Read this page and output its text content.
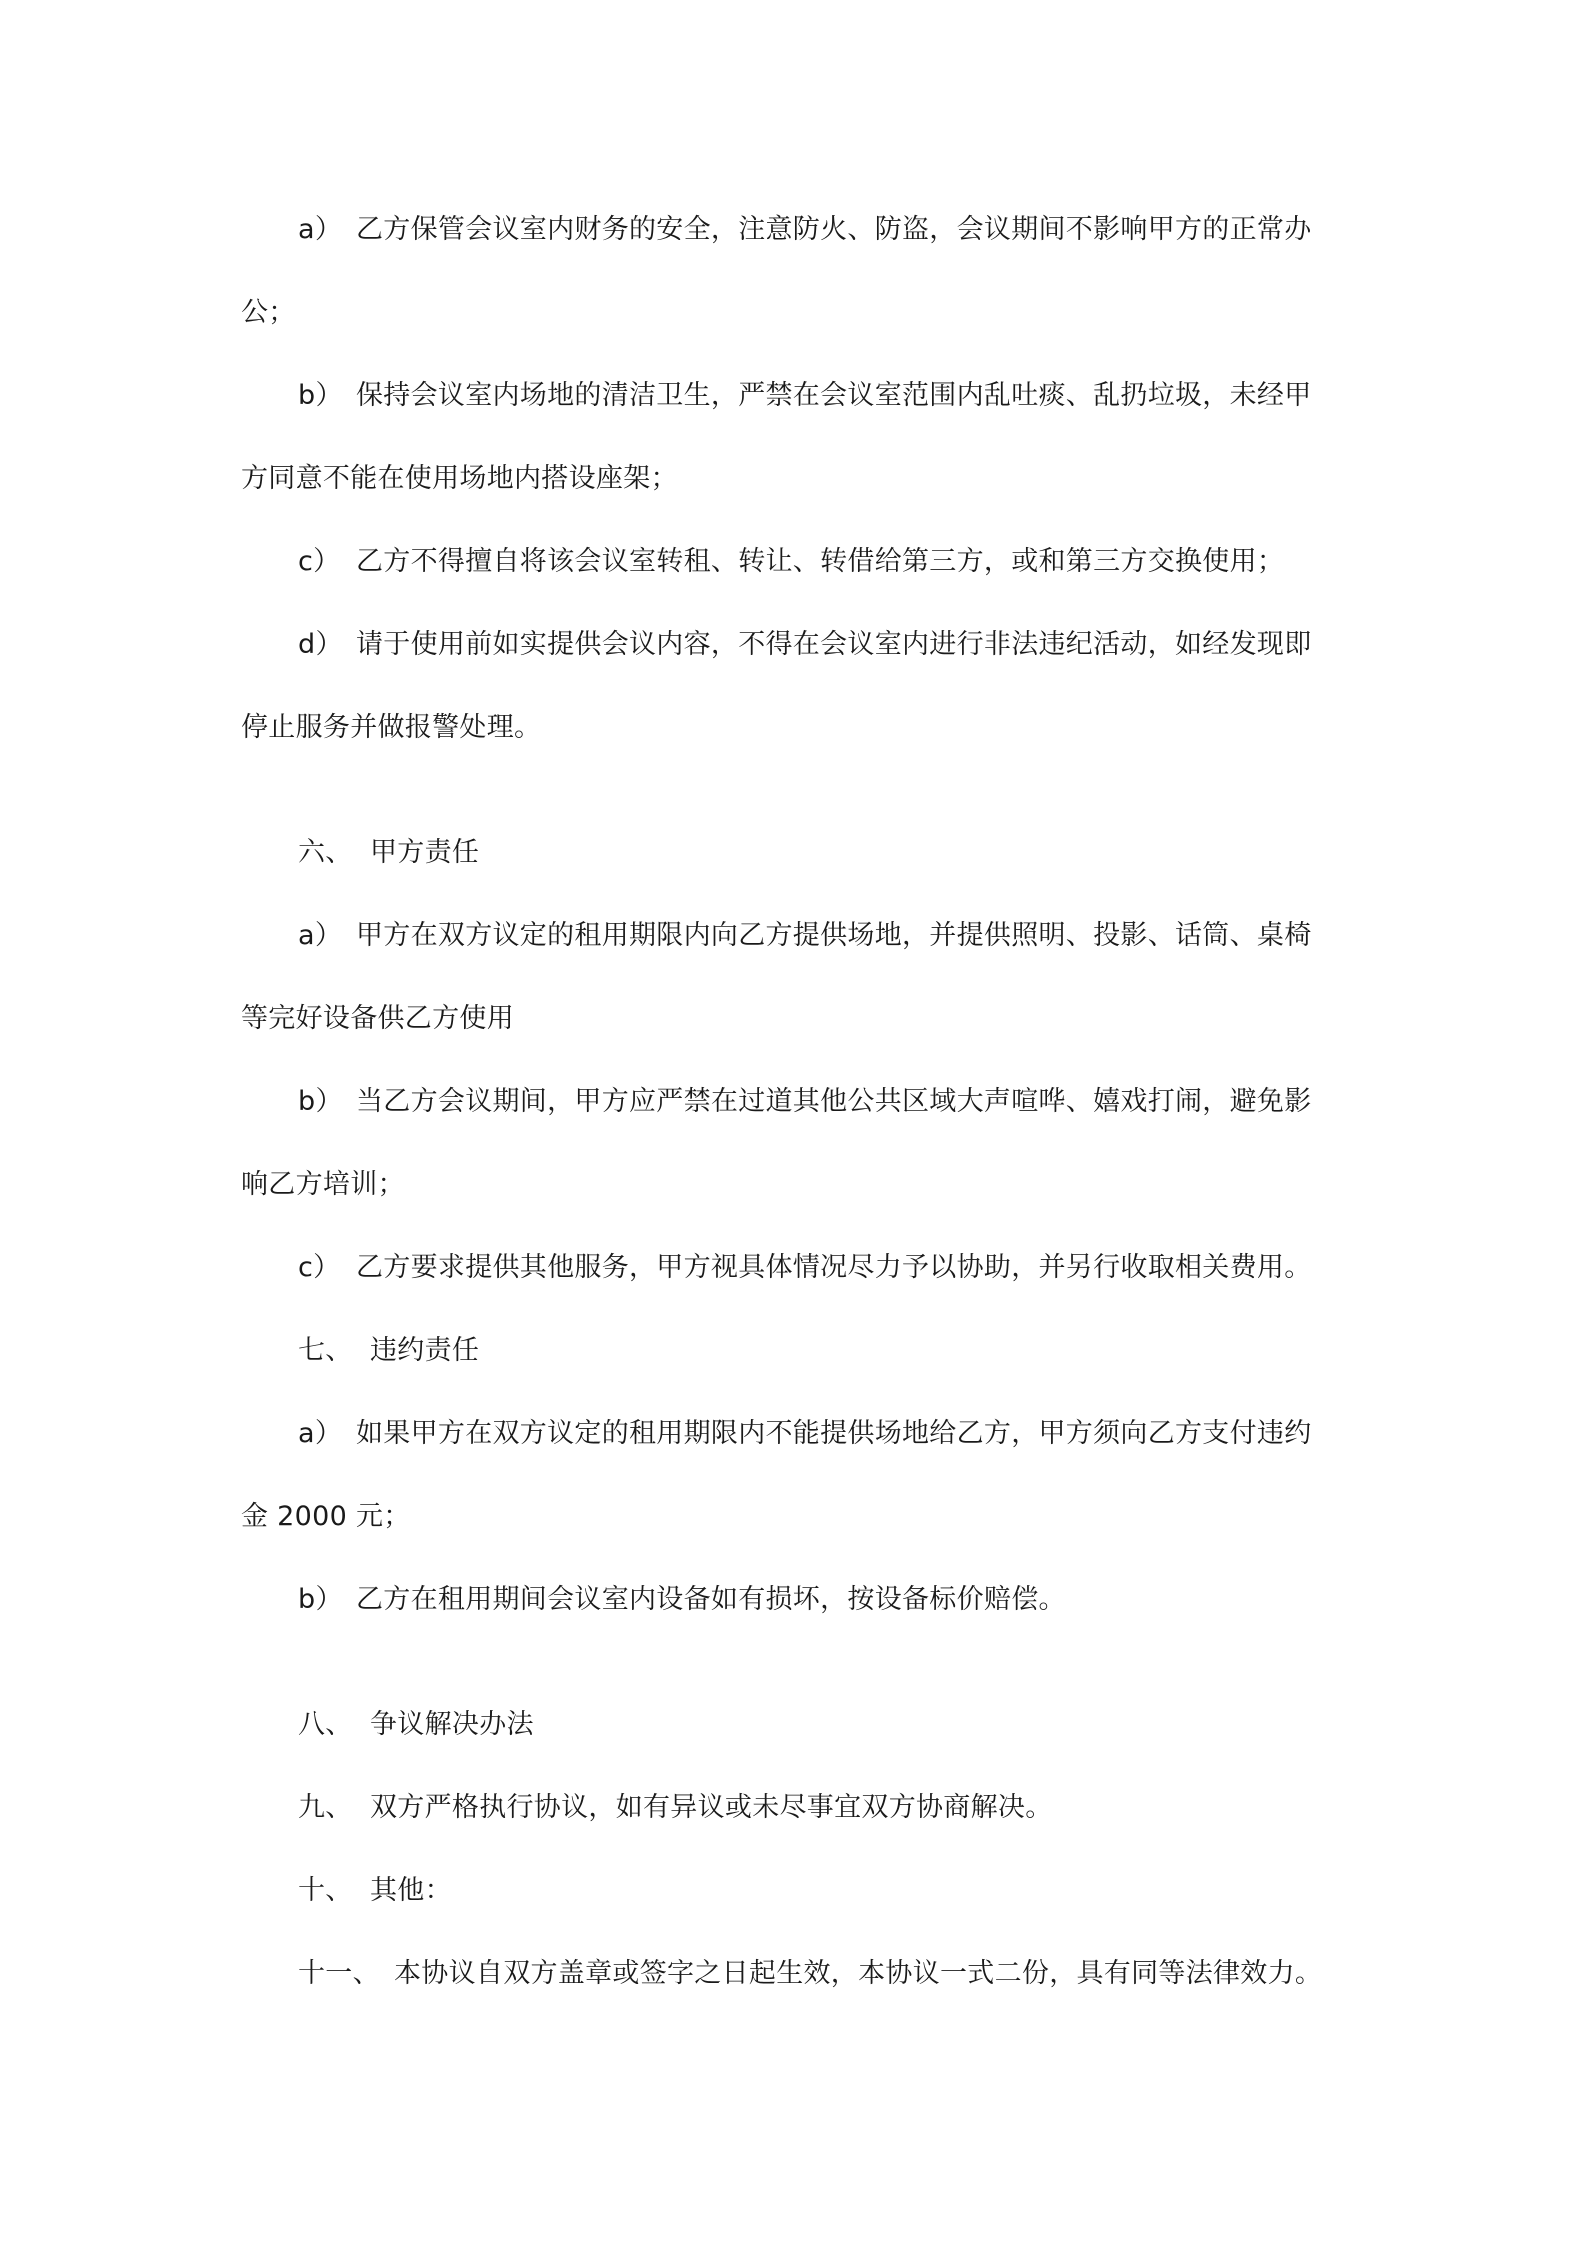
a） 乙方保管会议室内财务的安全，注意防火、防盗，会议期间不影响甲方的正常办
公；
b） 保持会议室内场地的清洁卫生，严禁在会议室范围内乱吐痰、乱扔垃圾，未经甲
方同意不能在使用场地内搭设座架；
c） 乙方不得擅自将该会议室转租、转让、转借给第三方，或和第三方交换使用；
d） 请于使用前如实提供会议内容，不得在会议室内进行非法违纪活动，如经发现即
停止服务并做报警处理。
六、 甲方责任
a） 甲方在双方议定的租用期限内向乙方提供场地，并提供照明、投影、话筒、桌椅
等完好设备供乙方使用
b） 当乙方会议期间，甲方应严禁在过道其他公共区域大声喧哗、嬉戏打闹，避免影
响乙方培训；
c） 乙方要求提供其他服务，甲方视具体情况尽力予以协助，并另行收取相关费用。
七、 违约责任
a） 如果甲方在双方议定的租用期限内不能提供场地给乙方，甲方须向乙方支付违约
金 2000 元；
b） 乙方在租用期间会议室内设备如有损坏，按设备标价赔偿。
八、 争议解决办法
九、 双方严格执行协议，如有异议或未尽事宜双方协商解决。
十、 其他：
十一、 本协议自双方盖章或签字之日起生效，本协议一式二份，具有同等法律效力。
